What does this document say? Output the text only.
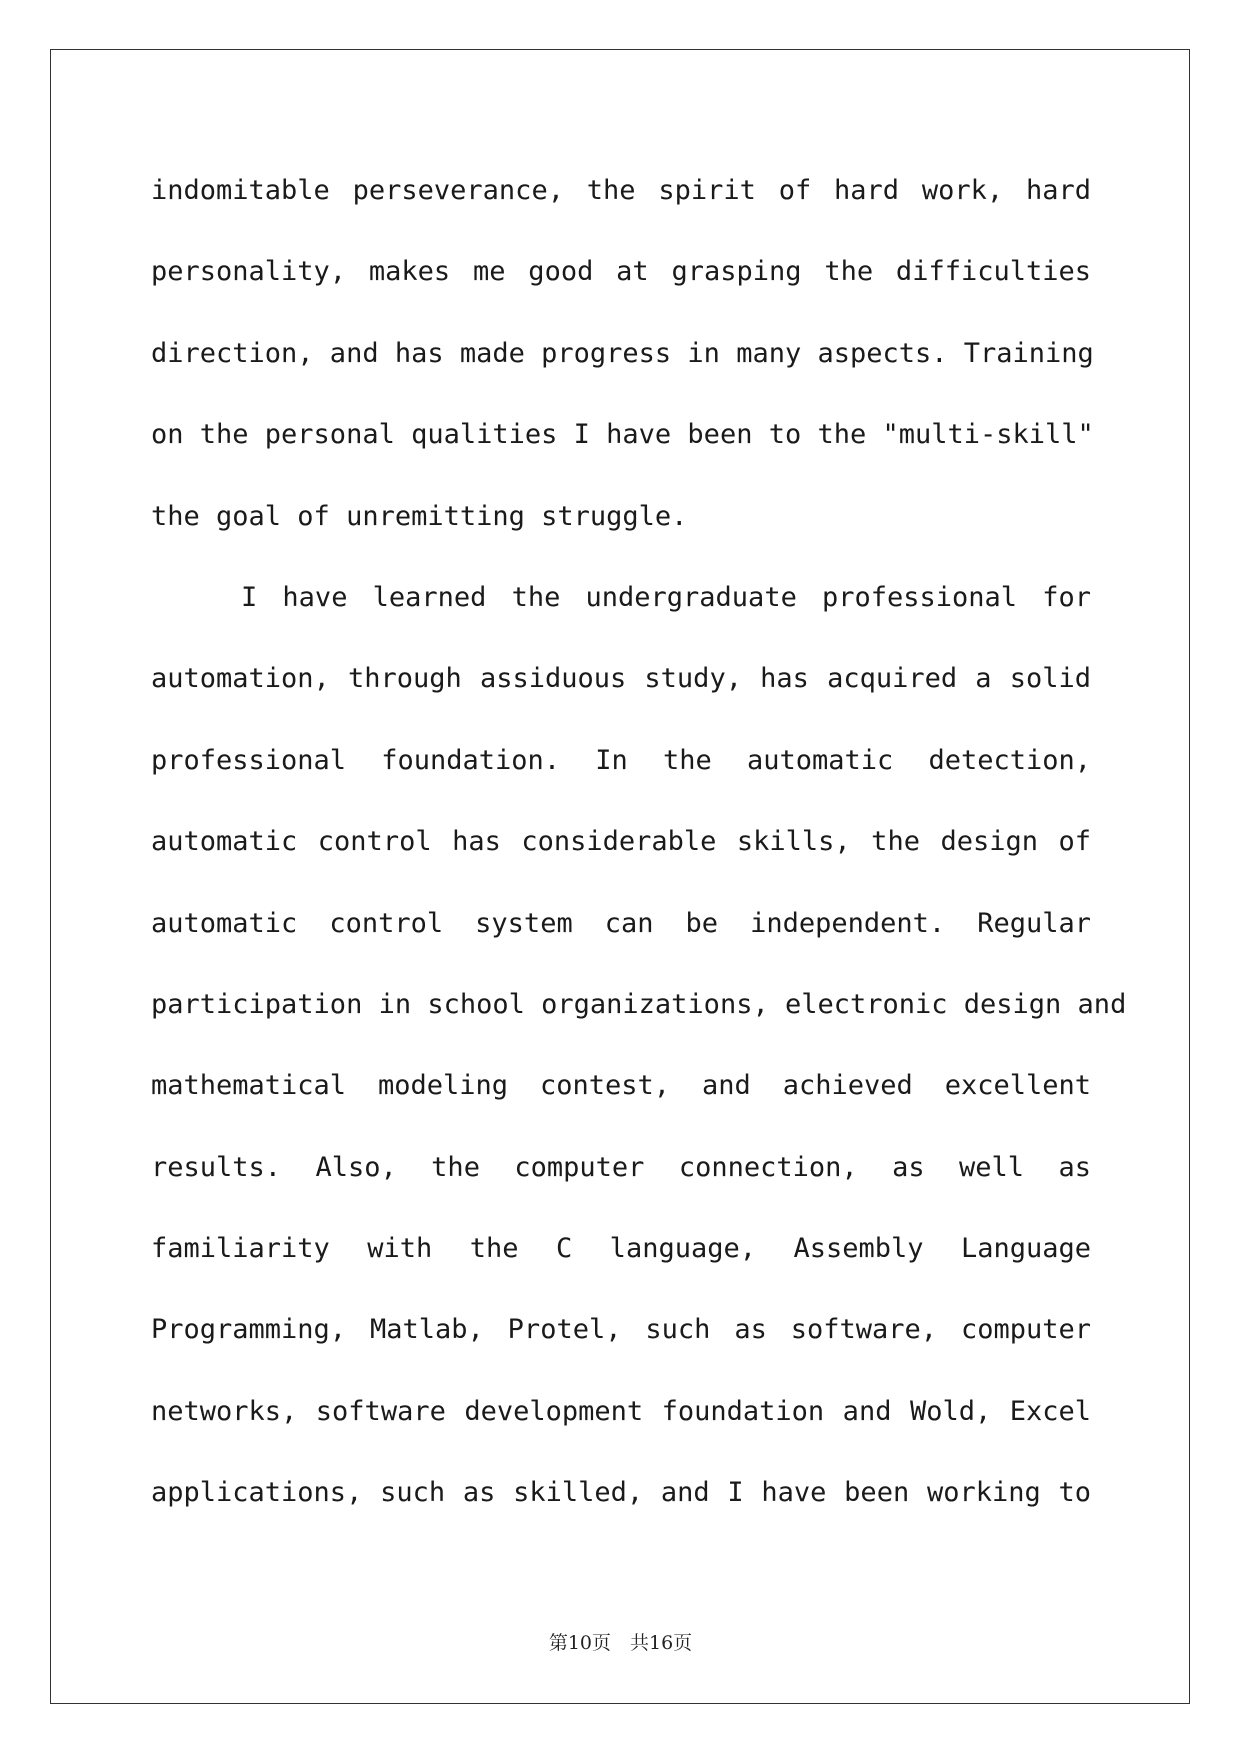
indomitable perseverance, the spirit of hard work, hard
personality, makes me good at grasping the difficulties
direction, and has made progress in many aspects. Training
on the personal qualities I have been to the "multi-skill"
the goal of unremitting struggle.
I have learned the undergraduate professional for
automation, through assiduous study, has acquired a solid
professional foundation. In the automatic detection,
automatic control has considerable skills, the design of
automatic control system can be independent. Regular
participation in school organizations, electronic design and
mathematical modeling contest, and achieved excellent
results. Also, the computer connection, as well as
familiarity with the C language, Assembly Language
Programming, Matlab, Protel, such as software, computer
networks, software development foundation and Wold, Excel
applications, such as skilled, and I have been working to
第10页　共16页
